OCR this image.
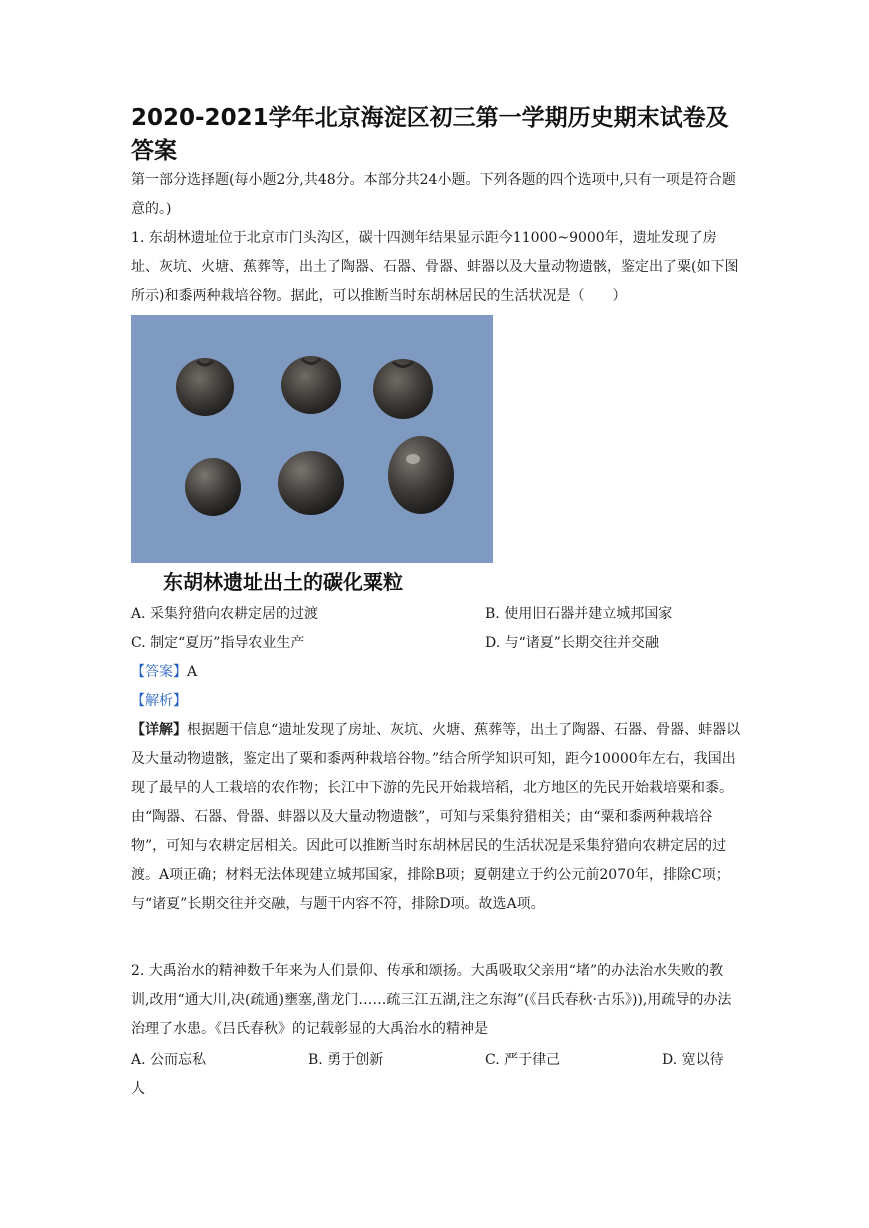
2020-2021学年北京海淀区初三第一学期历史期末试卷及答案

第一部分选择题(每小题2分,共48分。本部分共24小题。下列各题的四个选项中,只有一项是符合题意的。)

1. 东胡林遗址位于北京市门头沟区，碳十四测年结果显示距今11000~9000年，遗址发现了房址、灰坑、火塘、蕉葬等，出土了陶器、石器、骨器、蚌器以及大量动物遗骸，鉴定出了粟(如下图所示)和黍两种栽培谷物。据此，可以推断当时东胡林居民的生活状况是（　　）

东胡林遗址出土的碳化粟粒
A. 采集狩猎向农耕定居的过渡	B. 使用旧石器并建立城邦国家
C. 制定“夏历”指导农业生产	D. 与“诸夏”长期交往并交融
【答案】A
【解析】

【详解】根据题干信息“遗址发现了房址、灰坑、火塘、蕉葬等，出土了陶器、石器、骨器、蚌器以及大量动物遗骸，鉴定出了粟和黍两种栽培谷物。”结合所学知识可知，距今10000年左右，我国出现了最早的人工栽培的农作物；长江中下游的先民开始栽培稻，北方地区的先民开始栽培粟和黍。由“陶器、石器、骨器、蚌器以及大量动物遗骸”，可知与采集狩猎相关；由“粟和黍两种栽培谷物”，可知与农耕定居相关。因此可以推断当时东胡林居民的生活状况是采集狩猎向农耕定居的过渡。A项正确；材料无法体现建立城邦国家，排除B项；夏朝建立于约公元前2070年，排除C项；与“诸夏”长期交往并交融，与题干内容不符，排除D项。故选A项。

2. 大禹治水的精神数千年来为人们景仰、传承和颂扬。大禹吸取父亲用“堵”的办法治水失败的教训,改用“通大川,决(疏通)壅塞,凿龙门……疏三江五湖,注之东海”(《吕氏春秋·古乐》)),用疏导的办法治理了水患。《吕氏春秋》的记载彰显的大禹治水的精神是

A. 公而忘私	B. 勇于创新	C. 严于律己	D. 宽以待
人
